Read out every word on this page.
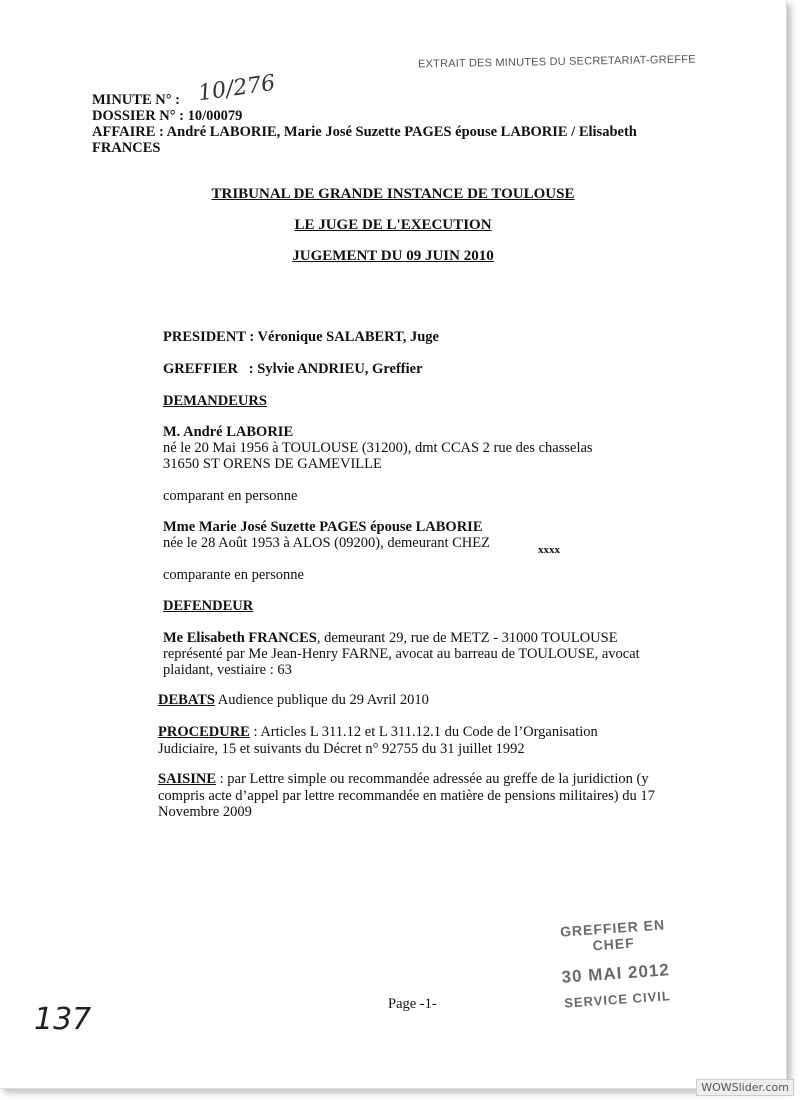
EXTRAIT DES MINUTES DU SECRETARIAT-GREFFE
MINUTE N° : 10/276
DOSSIER N° : 10/00079
AFFAIRE : André LABORIE, Marie José Suzette PAGES épouse LABORIE / Elisabeth
FRANCES
TRIBUNAL DE GRANDE INSTANCE DE TOULOUSE
LE JUGE DE L'EXECUTION
JUGEMENT DU 09 JUIN 2010
PRESIDENT : Véronique SALABERT, Juge
GREFFIER   : Sylvie ANDRIEU, Greffier
DEMANDEURS
M. André LABORIE
né le 20 Mai 1956 à TOULOUSE (31200), dmt CCAS 2 rue des chasselas
31650 ST ORENS DE GAMEVILLE
comparant en personne
Mme Marie José Suzette PAGES épouse LABORIE
née le 28 Août 1953 à ALOS (09200), demeurant CHEZ	xxxx
comparante en personne
DEFENDEUR
Me Elisabeth FRANCES, demeurant 29, rue de METZ - 31000 TOULOUSE
représenté par Me Jean-Henry FARNE, avocat au barreau de TOULOUSE, avocat
plaidant, vestiaire : 63
DEBATS Audience publique du 29 Avril 2010
PROCEDURE : Articles L 311.12 et L 311.12.1 du Code de l’Organisation
Judiciaire, 15 et suivants du Décret n° 92755 du 31 juillet 1992
SAISINE : par Lettre simple ou recommandée adressée au greffe de la juridiction (y
compris acte d’appel par lettre recommandée en matière de pensions militaires) du 17
Novembre 2009
GREFFIER EN CHEF
30 MAI 2012
SERVICE CIVIL
Page -1-
137
WOWSlider.com
